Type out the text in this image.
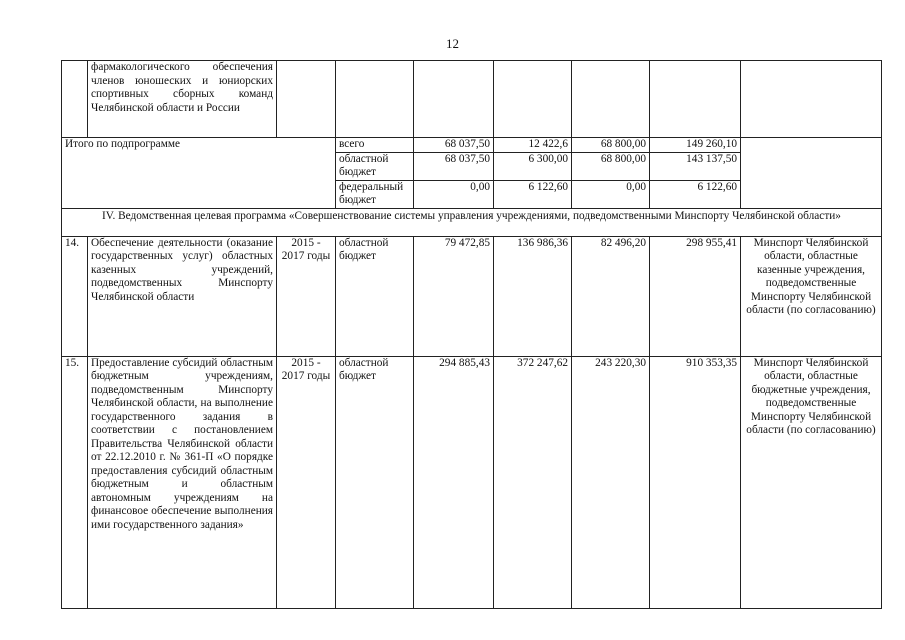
12
	фармакологического обеспечения членов юношеских и юниорских спортивных сборных команд Челябинской области и России							
Итого по подпрограмме			всего	68 037,50	12 422,6	68 800,00	149 260,10	
			областной бюджет	68 037,50	6 300,00	68 800,00	143 137,50	
			федеральный бюджет	0,00	6 122,60	0,00	6 122,60	
IV. Ведомственная целевая программа «Совершенствование системы управления учреждениями, подведомственными Минспорту Челябинской области»								
14.	Обеспечение деятельности (оказание государственных услуг) областных казенных учреждений, подведомственных Минспорту Челябинской области	2015 - 2017 годы	областной бюджет	79 472,85	136 986,36	82 496,20	298 955,41	Минспорт Челябинской области, областные казенные учреждения, подведомственные Минспорту Челябинской области (по согласованию)
15.	Предоставление субсидий областным бюджетным учреждениям, подведомственным Минспорту Челябинской области, на выполнение государственного задания в соответствии с постановлением Правительства Челябинской области от 22.12.2010 г. № 361-П «О порядке предоставления субсидий областным бюджетным и областным автономным учреждениям на финансовое обеспечение выполнения ими государственного задания»	2015 - 2017 годы	областной бюджет	294 885,43	372 247,62	243 220,30	910 353,35	Минспорт Челябинской области, областные бюджетные учреждения, подведомственные Минспорту Челябинской области (по согласованию)
